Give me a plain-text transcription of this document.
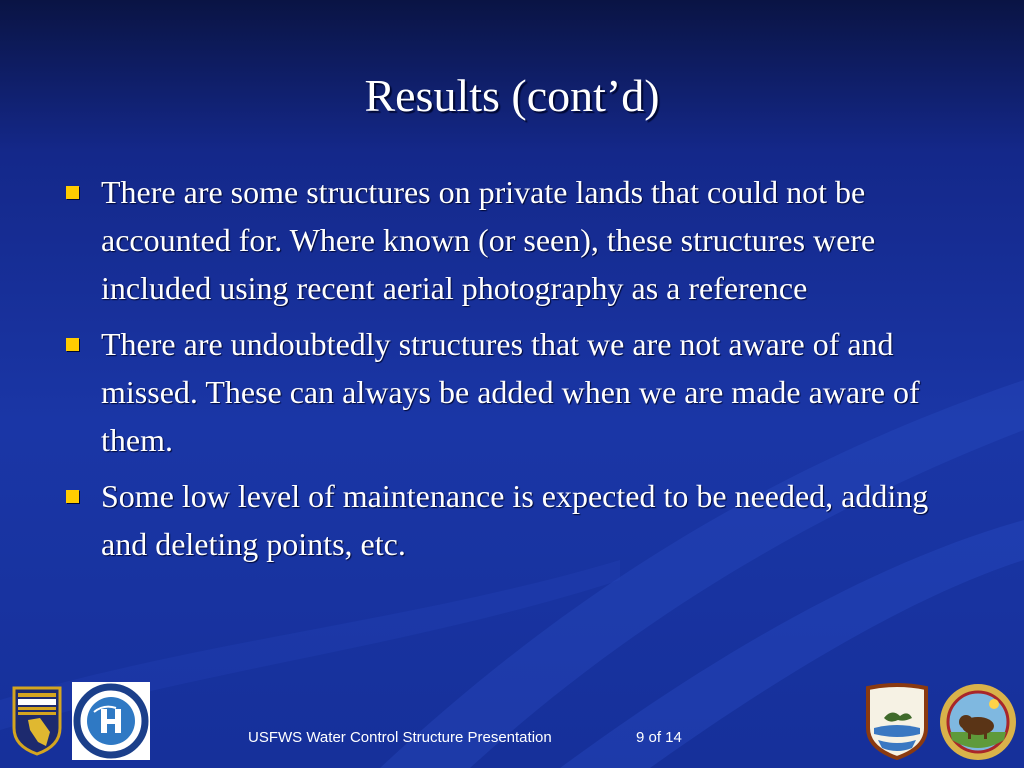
Results (cont’d)
There are some structures on private lands that could not be accounted for. Where known (or seen), these structures were included using recent aerial photography as a reference
There are undoubtedly structures that we are not aware of and missed. These can always be added when we are made aware of them.
Some low level of maintenance is expected to be needed, adding and deleting points, etc.
USFWS Water Control Structure Presentation	9 of 14
